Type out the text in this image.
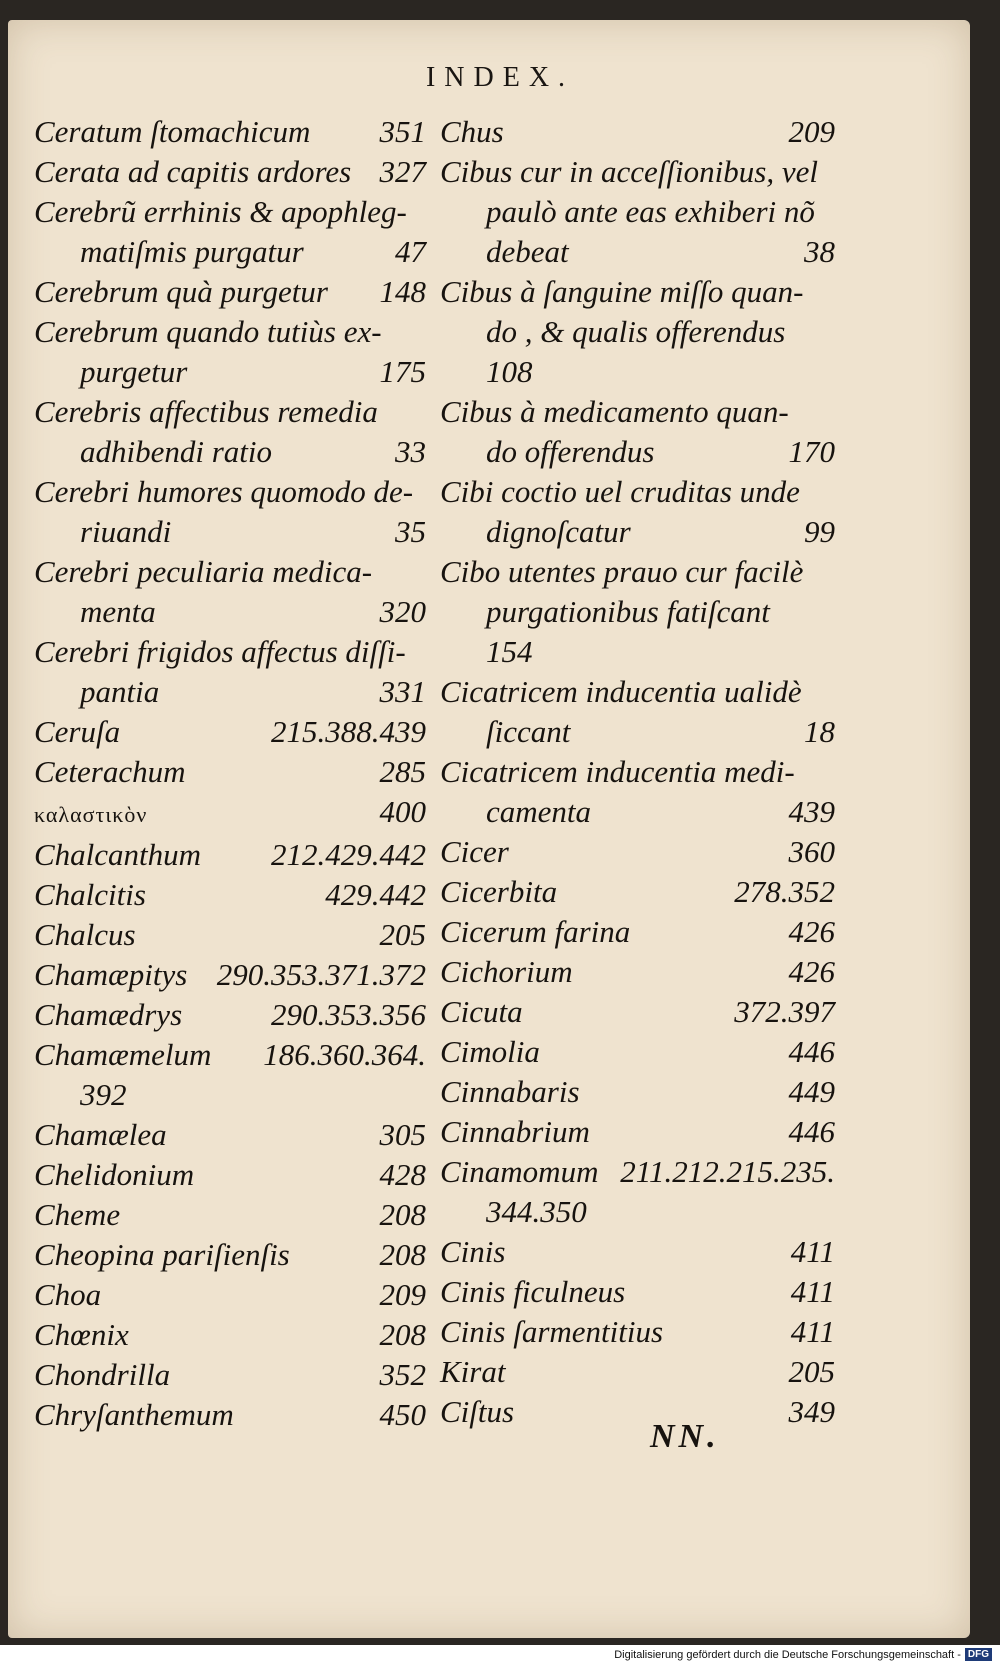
INDEX.
Ceratum ſtomachicum 351
Cerata ad capitis ardores 327
Cerebrũ errhinis & apophleg-
matiſmis purgatur	47
Cerebrum quà purgetur 148
Cerebrum quando tutiùs ex-
purgetur	175
Cerebris affectibus remedia
adhibendi ratio	33
Cerebri humores quomodo de-
riuandi	35
Cerebri peculiaria medica-
menta	320
Cerebri frigidos affectus diſſi-
pantia	331
Ceruſa	215.388.439
Ceterachum	285
καλαστικὸν	400
Chalcanthum 212.429.442
Chalcitis	429.442
Chalcus	205
Chamæpitys 290.353.371.372
Chamædrys	290.353.356
Chamæmelum 186.360.364.
392
Chamælea	305
Chelidonium	428
Cheme	208
Cheopina pariſienſis	208
Choa	209
Chœnix	208
Chondrilla	352
Chryſanthemum	450
Chus	209
Cibus cur in acceſſionibus, vel
paulò ante eas exhiberi nõ
debeat	38
Cibus à ſanguine miſſo quan-
do , & qualis offerendus
108
Cibus à medicamento quan-
do offerendus	170
Cibi coctio uel cruditas unde
dignoſcatur	99
Cibo utentes prauo cur facilè
purgationibus fatiſcant
154
Cicatricem inducentia ualidè
ſiccant	18
Cicatricem inducentia medi-
camenta	439
Cicer	360
Cicerbita	278.352
Cicerum farina	426
Cichorium	426
Cicuta	372.397
Cimolia	446
Cinnabaris	449
Cinnabrium	446
Cinamomum 211.212.215.235.
344.350
Cinis	411
Cinis ficulneus	411
Cinis ſarmentitius	411
Kirat	205
Ciſtus	349
NN.
Digitalisierung gefördert durch die Deutsche Forschungsgemeinschaft - DFG
